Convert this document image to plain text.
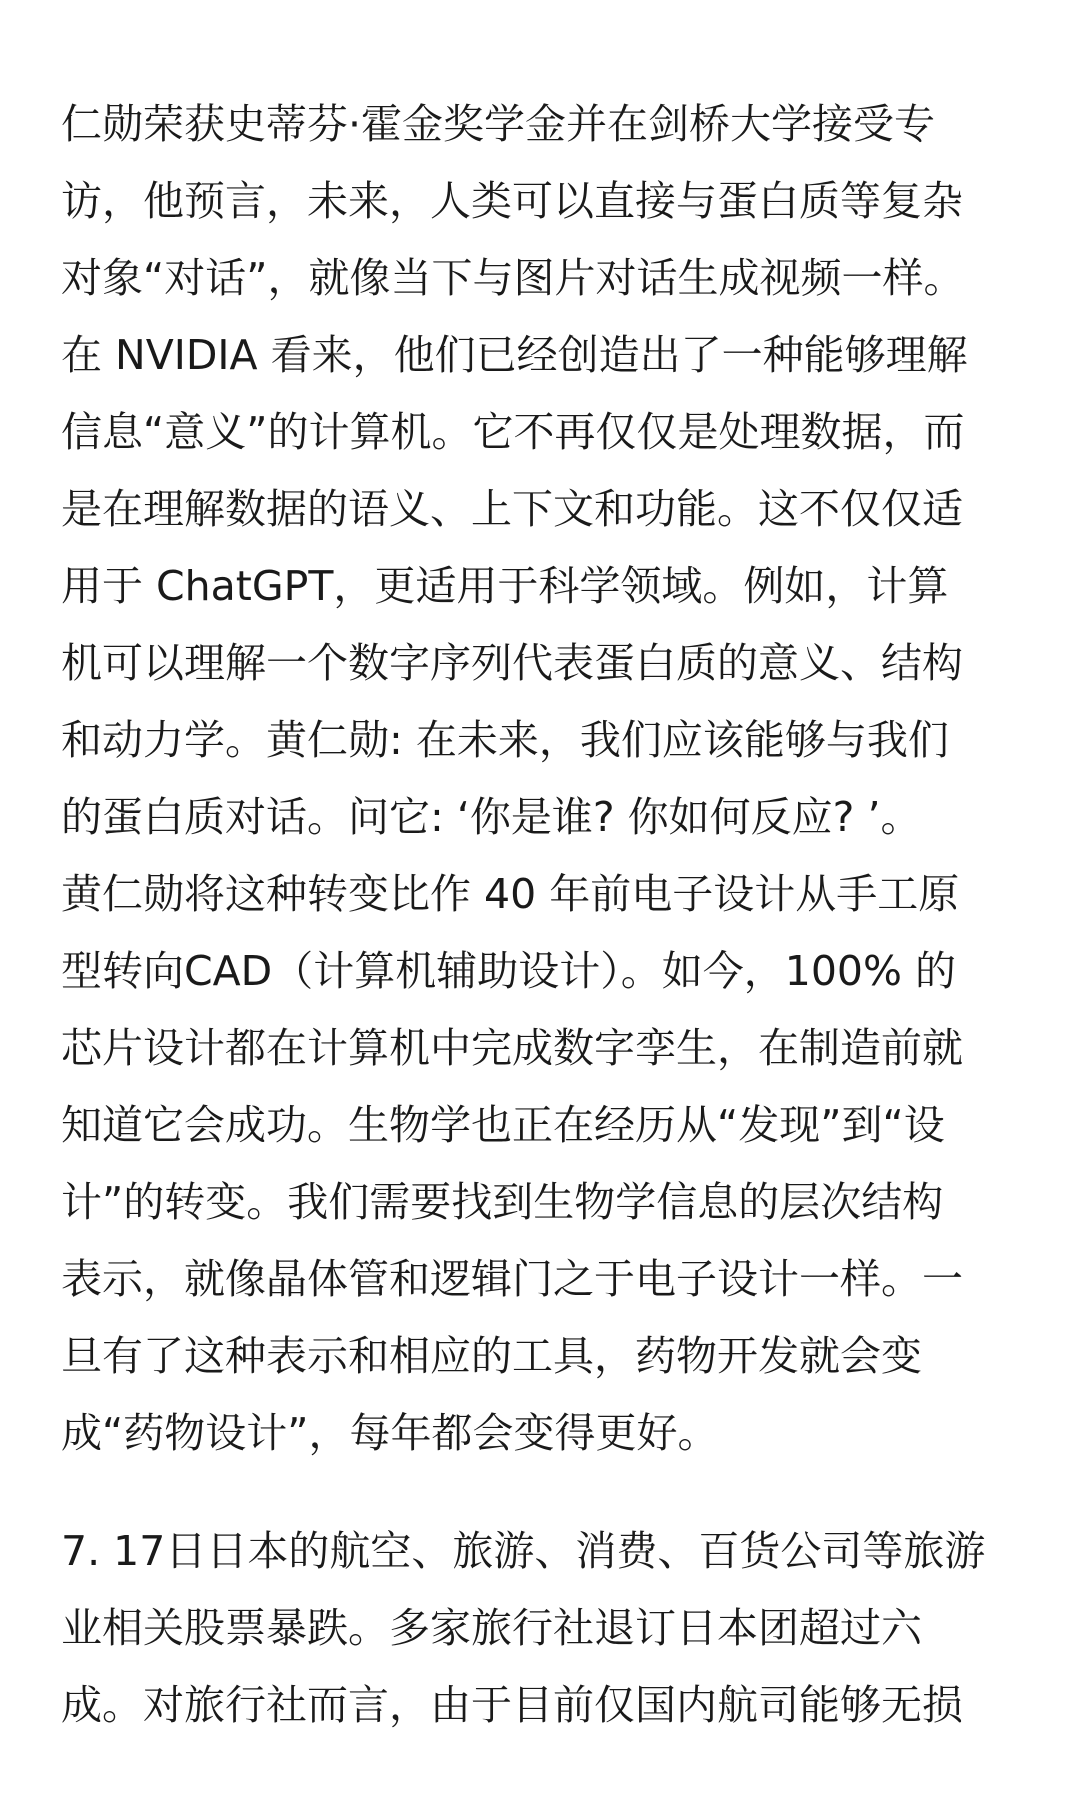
仁勋荣获史蒂芬·霍金奖学金并在剑桥大学接受专
访，他预言，未来，人类可以直接与蛋白质等复杂
对象“对话”，就像当下与图片对话生成视频一样。
在 NVIDIA 看来，他们已经创造出了一种能够理解
信息“意义”的计算机。它不再仅仅是处理数据，而
是在理解数据的语义、上下文和功能。这不仅仅适
用于 ChatGPT，更适用于科学领域。例如，计算
机可以理解一个数字序列代表蛋白质的意义、结构
和动力学。黄仁勋: 在未来，我们应该能够与我们
的蛋白质对话。问它: ‘你是谁? 你如何反应? ’。
黄仁勋将这种转变比作 40 年前电子设计从手工原
型转向CAD（计算机辅助设计）。如今，100% 的
芯片设计都在计算机中完成数字孪生，在制造前就
知道它会成功。生物学也正在经历从“发现”到“设
计”的转变。我们需要找到生物学信息的层次结构
表示，就像晶体管和逻辑门之于电子设计一样。一
旦有了这种表示和相应的工具，药物开发就会变
成“药物设计”，每年都会变得更好。
7. 17日日本的航空、旅游、消费、百货公司等旅游
业相关股票暴跌。多家旅行社退订日本团超过六
成。对旅行社而言，由于目前仅国内航司能够无损
